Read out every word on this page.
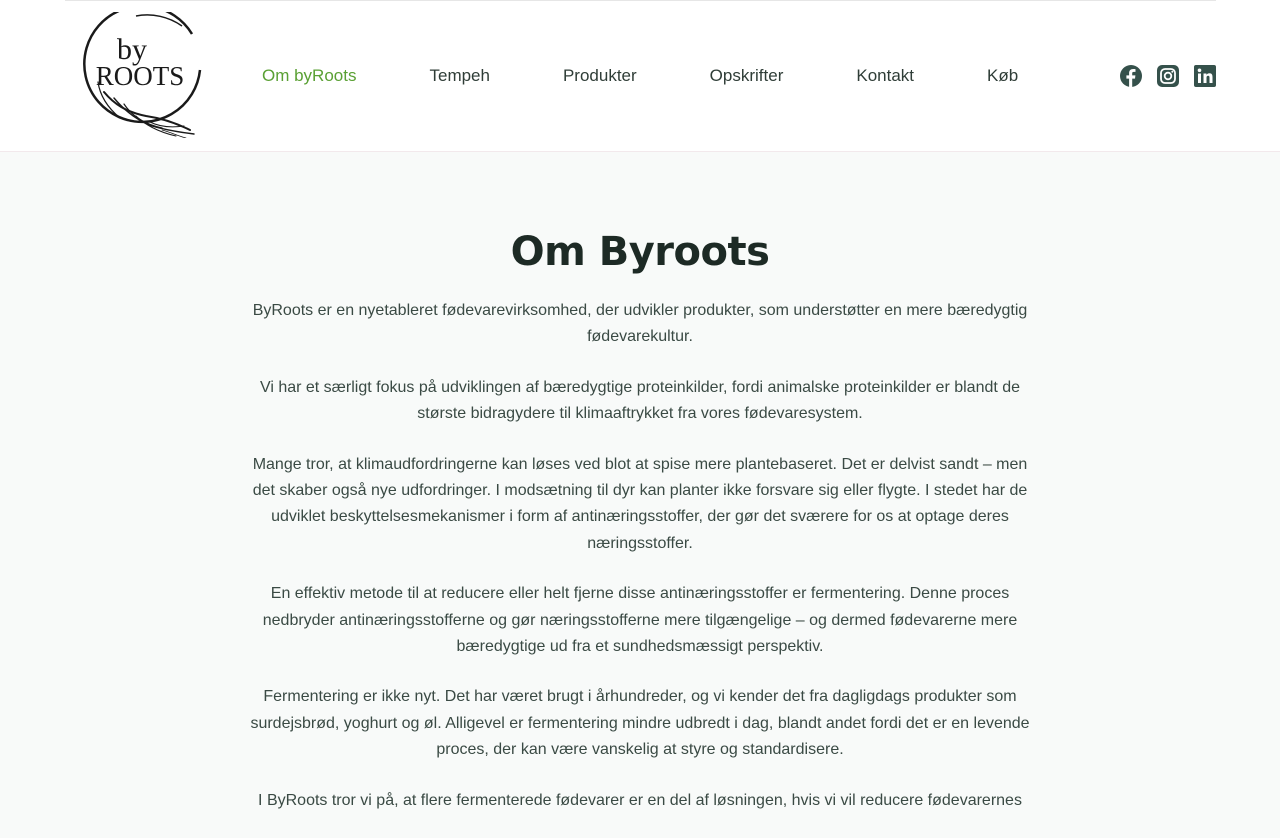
by
ROOTS	Om byRoots	Tempeh	Produkter	Opskrifter	Kontakt	Køb
Om Byroots

ByRoots er en nyetableret fødevarevirksomhed, der udvikler produkter, som understøtter en mere bæredygtig fødevarekultur.

Vi har et særligt fokus på udviklingen af bæredygtige proteinkilder, fordi animalske proteinkilder er blandt de største bidragydere til klimaaftrykket fra vores fødevaresystem.

Mange tror, at klimaudfordringerne kan løses ved blot at spise mere plantebaseret. Det er delvist sandt – men det skaber også nye udfordringer. I modsætning til dyr kan planter ikke forsvare sig eller flygte. I stedet har de udviklet beskyttelsesmekanismer i form af antinæringsstoffer, der gør det sværere for os at optage deres næringsstoffer.

En effektiv metode til at reducere eller helt fjerne disse antinæringsstoffer er fermentering. Denne proces nedbryder antinæringsstofferne og gør næringsstofferne mere tilgængelige – og dermed fødevarerne mere bæredygtige ud fra et sundhedsmæssigt perspektiv.

Fermentering er ikke nyt. Det har været brugt i århundreder, og vi kender det fra dagligdags produkter som surdejsbrød, yoghurt og øl. Alligevel er fermentering mindre udbredt i dag, blandt andet fordi det er en levende proces, der kan være vanskelig at styre og standardisere.

I ByRoots tror vi på, at flere fermenterede fødevarer er en del af løsningen, hvis vi vil reducere fødevarernes
